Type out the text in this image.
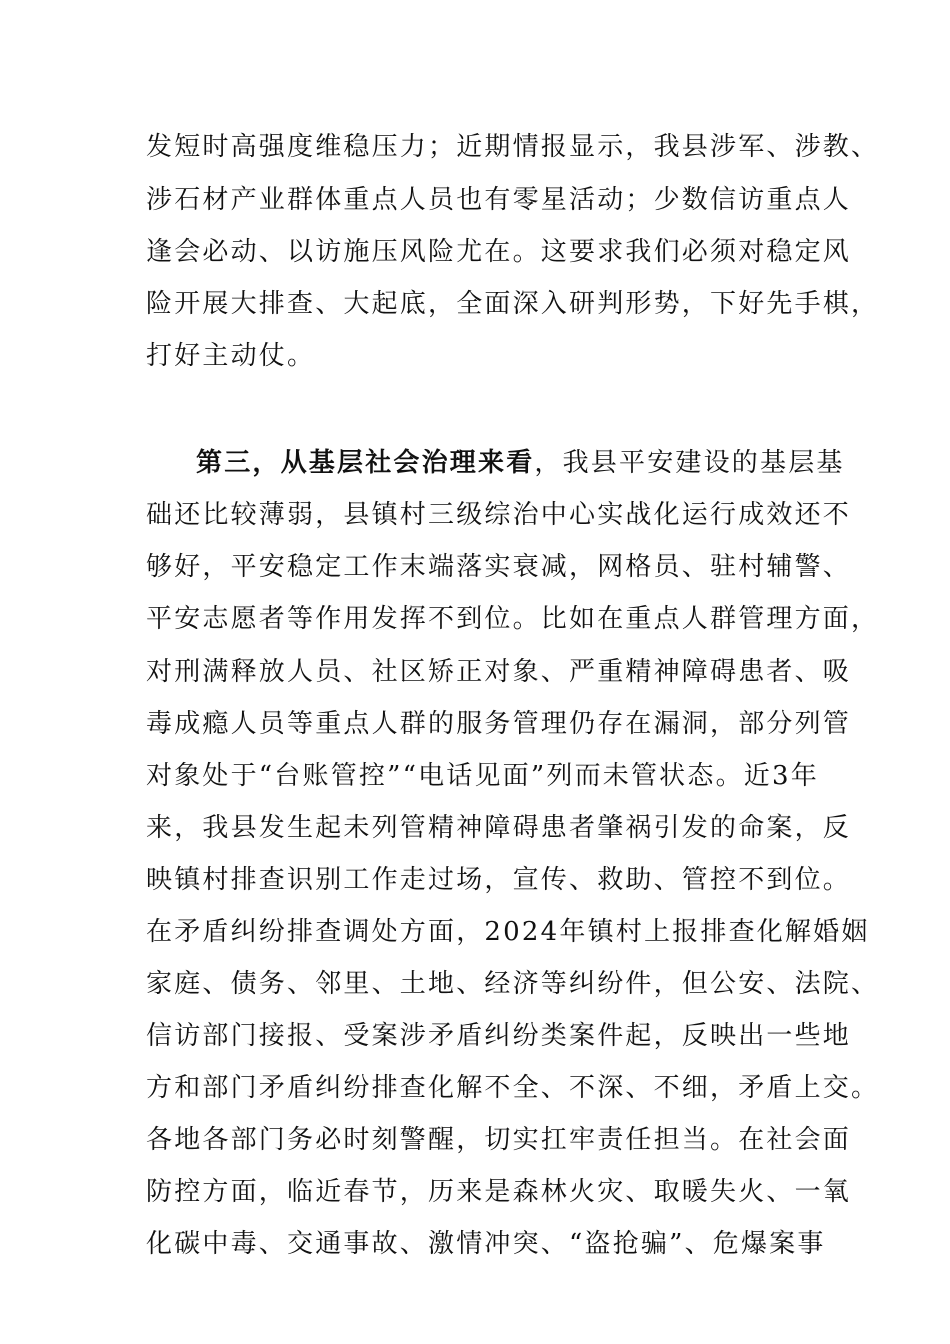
发短时高强度维稳压力；近期情报显示，我县涉军、涉教、
涉石材产业群体重点人员也有零星活动；少数信访重点人
逢会必动、以访施压风险尤在。这要求我们必须对稳定风
险开展大排查、大起底，全面深入研判形势，下好先手棋，
打好主动仗。
第三，从基层社会治理来看，我县平安建设的基层基
础还比较薄弱，县镇村三级综治中心实战化运行成效还不
够好，平安稳定工作末端落实衰减，网格员、驻村辅警、
平安志愿者等作用发挥不到位。比如在重点人群管理方面，
对刑满释放人员、社区矫正对象、严重精神障碍患者、吸
毒成瘾人员等重点人群的服务管理仍存在漏洞，部分列管
对象处于“台账管控”“电话见面”列而未管状态。近3年
来，我县发生起未列管精神障碍患者肇祸引发的命案，反
映镇村排查识别工作走过场，宣传、救助、管控不到位。
在矛盾纠纷排查调处方面，2024年镇村上报排查化解婚姻
家庭、债务、邻里、土地、经济等纠纷件，但公安、法院、
信访部门接报、受案涉矛盾纠纷类案件起，反映出一些地
方和部门矛盾纠纷排查化解不全、不深、不细，矛盾上交。
各地各部门务必时刻警醒，切实扛牢责任担当。在社会面
防控方面，临近春节，历来是森林火灾、取暖失火、一氧
化碳中毒、交通事故、激情冲突、“盗抢骗”、危爆案事
